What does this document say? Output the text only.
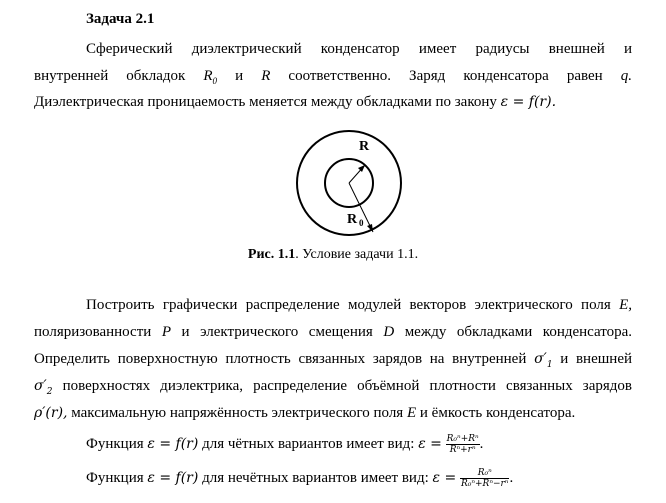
Задача 2.1
Сферический диэлектрический конденсатор имеет радиусы внешней и
внутренней обкладок $R_0$ и R соответственно. Заряд конденсатора равен q.
Диэлектрическая проницаемость меняется между обкладками по закону ε = f(r).
R
R 0
Рис. 1.1. Условие задачи 1.1.
Построить графически распределение модулей векторов электрического поля E,
поляризованности P и электрического смещения D между обкладками конденсатора.
Определить поверхностную плотность связанных зарядов на внутренней $\sigma'_1$ и внешней
$\sigma'_2$ поверхностях диэлектрика, распределение объёмной плотности связанных зарядов
ρ′(r), максимальную напряжённость электрического поля E и ёмкость конденсатора.
Функция ε = f(r) для чётных вариантов имеет вид: $\varepsilon = \frac{\text{R₀ⁿ+Rⁿ}}{\text{Rⁿ+rⁿ}}$ .
Функция ε = f(r) для нечётных вариантов имеет вид: $\varepsilon = \frac{\text{R₀ⁿ}}{\text{R₀ⁿ+Rⁿ−rⁿ}}$ .
